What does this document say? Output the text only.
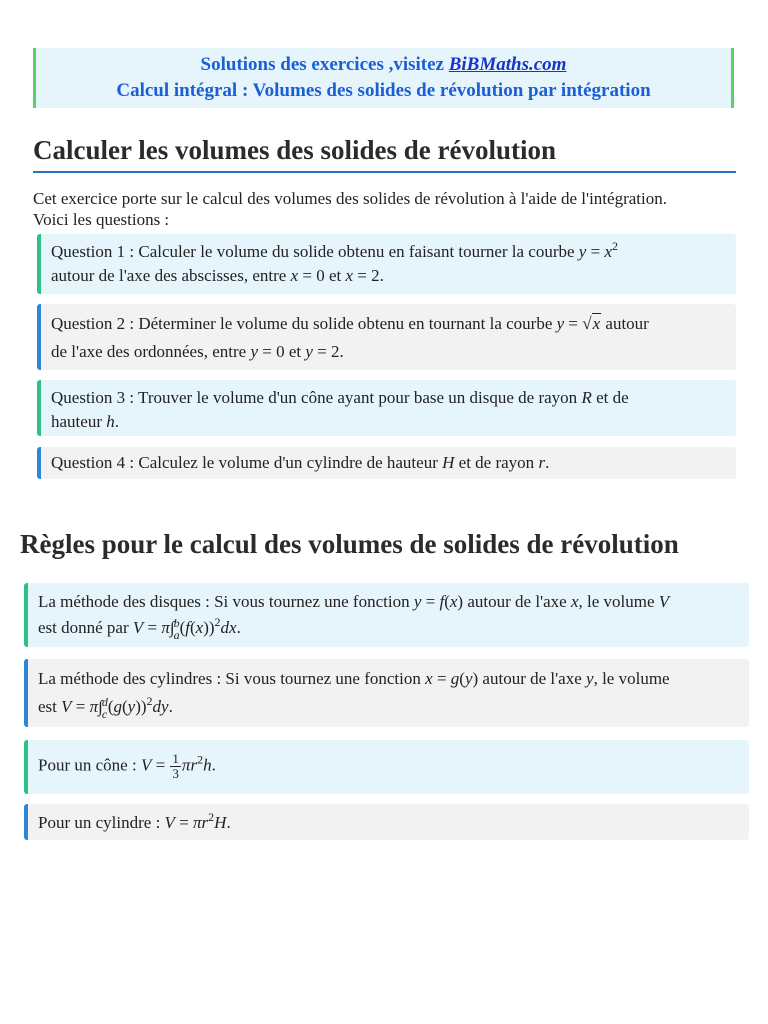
Solutions des exercices ,visitez BiBMaths.com
Calcul intégral : Volumes des solides de révolution par intégration
Calculer les volumes des solides de révolution
Cet exercice porte sur le calcul des volumes des solides de révolution à l'aide de l'intégration.
Voici les questions :
Question 1 : Calculer le volume du solide obtenu en faisant tourner la courbe $y = x^2$
autour de l'axe des abscisses, entre x = 0 et x = 2.
Question 2 : Déterminer le volume du solide obtenu en tournant la courbe y = √x autour
de l'axe des ordonnées, entre y = 0 et y = 2.
Question 3 : Trouver le volume d'un cône ayant pour base un disque de rayon R et de
hauteur h.
Question 4 : Calculez le volume d'un cylindre de hauteur H et de rayon r.
Règles pour le calcul des volumes de solides de révolution
La méthode des disques : Si vous tournez une fonction y = f(x) autour de l'axe x, le volume V
est donné par V = π∫ b
a $(f(x))^2dx$.
La méthode des cylindres : Si vous tournez une fonction x = g(y) autour de l'axe y, le volume
est V = π∫ d
c $(g(y))^2dy$.
Pour un cône : $V = \frac{1}{3} \pi r^2h$.
Pour un cylindre : $V = \pi r^2H$.
